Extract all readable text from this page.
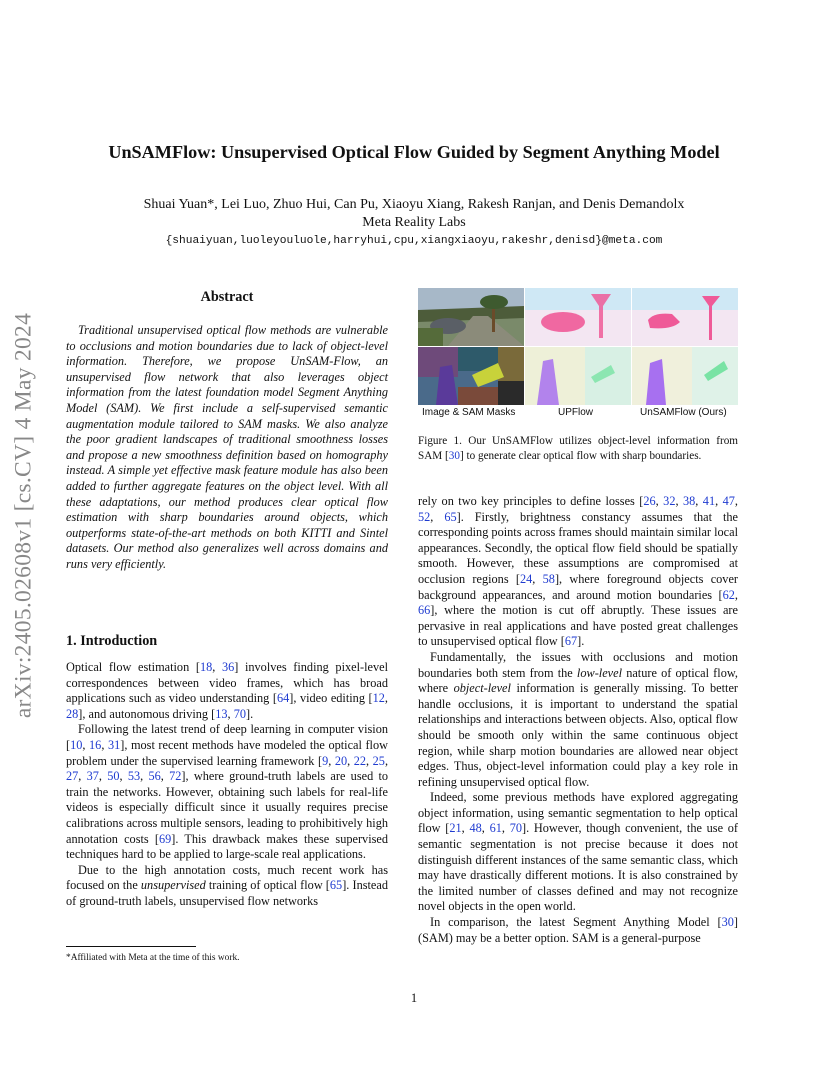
UnSAMFlow: Unsupervised Optical Flow Guided by Segment Anything Model
Shuai Yuan*, Lei Luo, Zhuo Hui, Can Pu, Xiaoyu Xiang, Rakesh Ranjan, and Denis Demandolx
Meta Reality Labs
{shuaiyuan,luoleyouluole,harryhui,cpu,xiangxiaoyu,rakeshr,denisd}@meta.com
arXiv:2405.02608v1 [cs.CV] 4 May 2024
Abstract
Traditional unsupervised optical flow methods are vulnerable to occlusions and motion boundaries due to lack of object-level information. Therefore, we propose UnSAM-Flow, an unsupervised flow network that also leverages object information from the latest foundation model Segment Anything Model (SAM). We first include a self-supervised semantic augmentation module tailored to SAM masks. We also analyze the poor gradient landscapes of traditional smoothness losses and propose a new smoothness definition based on homography instead. A simple yet effective mask feature module has also been added to further aggregate features on the object level. With all these adaptations, our method produces clear optical flow estimation with sharp boundaries around objects, which outperforms state-of-the-art methods on both KITTI and Sintel datasets. Our method also generalizes well across domains and runs very efficiently.
1. Introduction

Optical flow estimation [18, 36] involves finding pixel-level correspondences between video frames, which has broad applications such as video understanding [64], video editing [12, 28], and autonomous driving [13, 70].

Following the latest trend of deep learning in computer vision [10, 16, 31], most recent methods have modeled the optical flow problem under the supervised learning framework [9, 20, 22, 25, 27, 37, 50, 53, 56, 72], where ground-truth labels are used to train the networks. However, obtaining such labels for real-life videos is especially difficult since it usually requires precise calibrations across multiple sensors, leading to prohibitively high annotation costs [69]. This drawback makes these supervised techniques hard to be applied to large-scale real applications.

Due to the high annotation costs, much recent work has focused on the unsupervised training of optical flow [65]. Instead of ground-truth labels, unsupervised flow networks

Image & SAM Masks	UPFlow	UnSAMFlow (Ours)
Figure 1. Our UnSAMFlow utilizes object-level information from SAM [30] to generate clear optical flow with sharp boundaries.

rely on two key principles to define losses [26, 32, 38, 41, 47, 52, 65]. Firstly, brightness constancy assumes that the corresponding points across frames should maintain similar local appearances. Secondly, the optical flow field should be spatially smooth. However, these assumptions are compromised at occlusion regions [24, 58], where foreground objects cover background appearances, and around motion boundaries [62, 66], where the motion is cut off abruptly. These issues are pervasive in real applications and have posted great challenges to unsupervised optical flow [67].

Fundamentally, the issues with occlusions and motion boundaries both stem from the low-level nature of optical flow, where object-level information is generally missing. To better handle occlusions, it is important to understand the spatial relationships and interactions between objects. Also, optical flow should be smooth only within the same continuous object region, while sharp motion boundaries are allowed near object edges. Thus, object-level information could play a key role in refining unsupervised optical flow.

Indeed, some previous methods have explored aggregating object information, using semantic segmentation to help optical flow [21, 48, 61, 70]. However, though convenient, the use of semantic segmentation is not precise because it does not distinguish different instances of the same semantic class, which may have drastically different motions. It is also constrained by the limited number of classes defined and may not recognize novel objects in the open world.

In comparison, the latest Segment Anything Model [30] (SAM) may be a better option. SAM is a general-purpose

*Affiliated with Meta at the time of this work.
1
